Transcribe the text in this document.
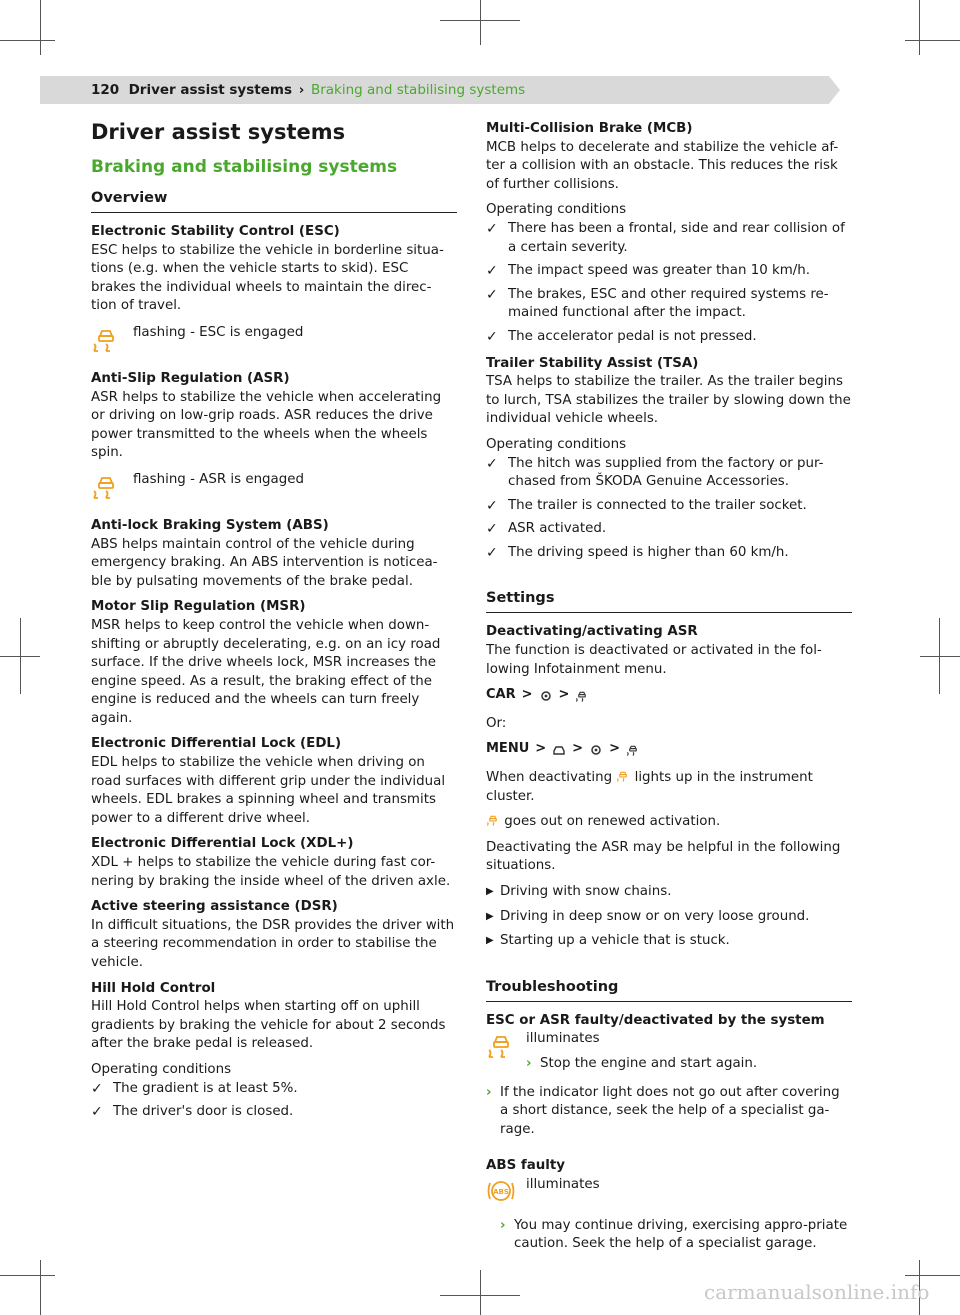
120 Driver assist systems › Braking and stabilising systems
Driver assist systems
Braking and stabilising systems
Overview
Electronic Stability Control (ESC)
ESC helps to stabilize the vehicle in borderline situa-tions (e.g. when the vehicle starts to skid). ESC brakes the individual wheels to maintain the direc-tion of travel.
flashing - ESC is engaged
Anti-Slip Regulation (ASR)
ASR helps to stabilize the vehicle when accelerating or driving on low-grip roads. ASR reduces the drive power transmitted to the wheels when the wheels spin.
flashing - ASR is engaged
Anti-lock Braking System (ABS)
ABS helps maintain control of the vehicle during emergency braking. An ABS intervention is noticea-ble by pulsating movements of the brake pedal.
Motor Slip Regulation (MSR)
MSR helps to keep control the vehicle when down-shifting or abruptly decelerating, e.g. on an icy road surface. If the drive wheels lock, MSR increases the engine speed. As a result, the braking effect of the engine is reduced and the wheels can turn freely again.
Electronic Differential Lock (EDL)
EDL helps to stabilize the vehicle when driving on road surfaces with different grip under the individual wheels. EDL brakes a spinning wheel and transmits power to a different drive wheel.
Electronic Differential Lock (XDL+)
XDL + helps to stabilize the vehicle during fast cor-nering by braking the inside wheel of the driven axle.
Active steering assistance (DSR)
In difficult situations, the DSR provides the driver with a steering recommendation in order to stabilise the vehicle.
Hill Hold Control
Hill Hold Control helps when starting off on uphill gradients by braking the vehicle for about 2 seconds after the brake pedal is released.
Operating conditions
✓ The gradient is at least 5%.
✓ The driver's door is closed.
Multi-Collision Brake (MCB)
MCB helps to decelerate and stabilize the vehicle af-ter a collision with an obstacle. This reduces the risk of further collisions.
Operating conditions
✓ There has been a frontal, side and rear collision of a certain severity.
✓ The impact speed was greater than 10 km/h.
✓ The brakes, ESC and other required systems re-mained functional after the impact.
✓ The accelerator pedal is not pressed.
Trailer Stability Assist (TSA)
TSA helps to stabilize the trailer. As the trailer begins to lurch, TSA stabilizes the trailer by slowing down the individual vehicle wheels.
Operating conditions
✓ The hitch was supplied from the factory or pur-chased from ŠKODA Genuine Accessories.
✓ The trailer is connected to the trailer socket.
✓ ASR activated.
✓ The driving speed is higher than 60 km/h.
Settings
Deactivating/activating ASR
The function is deactivated or activated in the fol-lowing Infotainment menu.
CAR > >
Or:
MENU > > >
When deactivating lights up in the instrument cluster.
goes out on renewed activation.
Deactivating the ASR may be helpful in the following situations.
▶ Driving with snow chains.
▶ Driving in deep snow or on very loose ground.
▶ Starting up a vehicle that is stuck.
Troubleshooting
ESC or ASR faulty/deactivated by the system
illuminates
› Stop the engine and start again.
› If the indicator light does not go out after covering a short distance, seek the help of a specialist ga-rage.
ABS faulty
ABS illuminates
› You may continue driving, exercising appro-priate caution. Seek the help of a specialist garage.
carmanualsonline.info
